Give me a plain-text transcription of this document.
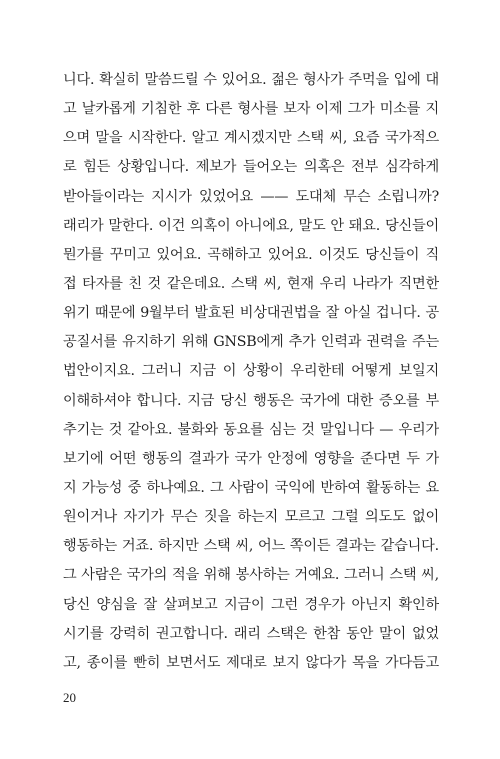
니다. 확실히 말씀드릴 수 있어요. 젊은 형사가 주먹을 입에 대
고 날카롭게 기침한 후 다른 형사를 보자 이제 그가 미소를 지
으며 말을 시작한다. 알고 계시겠지만 스택 씨, 요즘 국가적으
로 힘든 상황입니다. 제보가 들어오는 의혹은 전부 심각하게
받아들이라는 지시가 있었어요 —— 도대체 무슨 소립니까?
래리가 말한다. 이건 의혹이 아니에요, 말도 안 돼요. 당신들이
뭔가를 꾸미고 있어요. 곡해하고 있어요. 이것도 당신들이 직
접 타자를 친 것 같은데요. 스택 씨, 현재 우리 나라가 직면한
위기 때문에 9월부터 발효된 비상대권법을 잘 아실 겁니다. 공
공질서를 유지하기 위해 GNSB에게 추가 인력과 권력을 주는
법안이지요. 그러니 지금 이 상황이 우리한테 어떻게 보일지
이해하셔야 합니다. 지금 당신 행동은 국가에 대한 증오를 부
추기는 것 같아요. 불화와 동요를 심는 것 말입니다 — 우리가
보기에 어떤 행동의 결과가 국가 안정에 영향을 준다면 두 가
지 가능성 중 하나예요. 그 사람이 국익에 반하여 활동하는 요
원이거나 자기가 무슨 짓을 하는지 모르고 그럴 의도도 없이
행동하는 거죠. 하지만 스택 씨, 어느 쪽이든 결과는 같습니다.
그 사람은 국가의 적을 위해 봉사하는 거예요. 그러니 스택 씨,
당신 양심을 잘 살펴보고 지금이 그런 경우가 아닌지 확인하
시기를 강력히 권고합니다. 래리 스택은 한참 동안 말이 없었
고, 종이를 빤히 보면서도 제대로 보지 않다가 목을 가다듬고
20
